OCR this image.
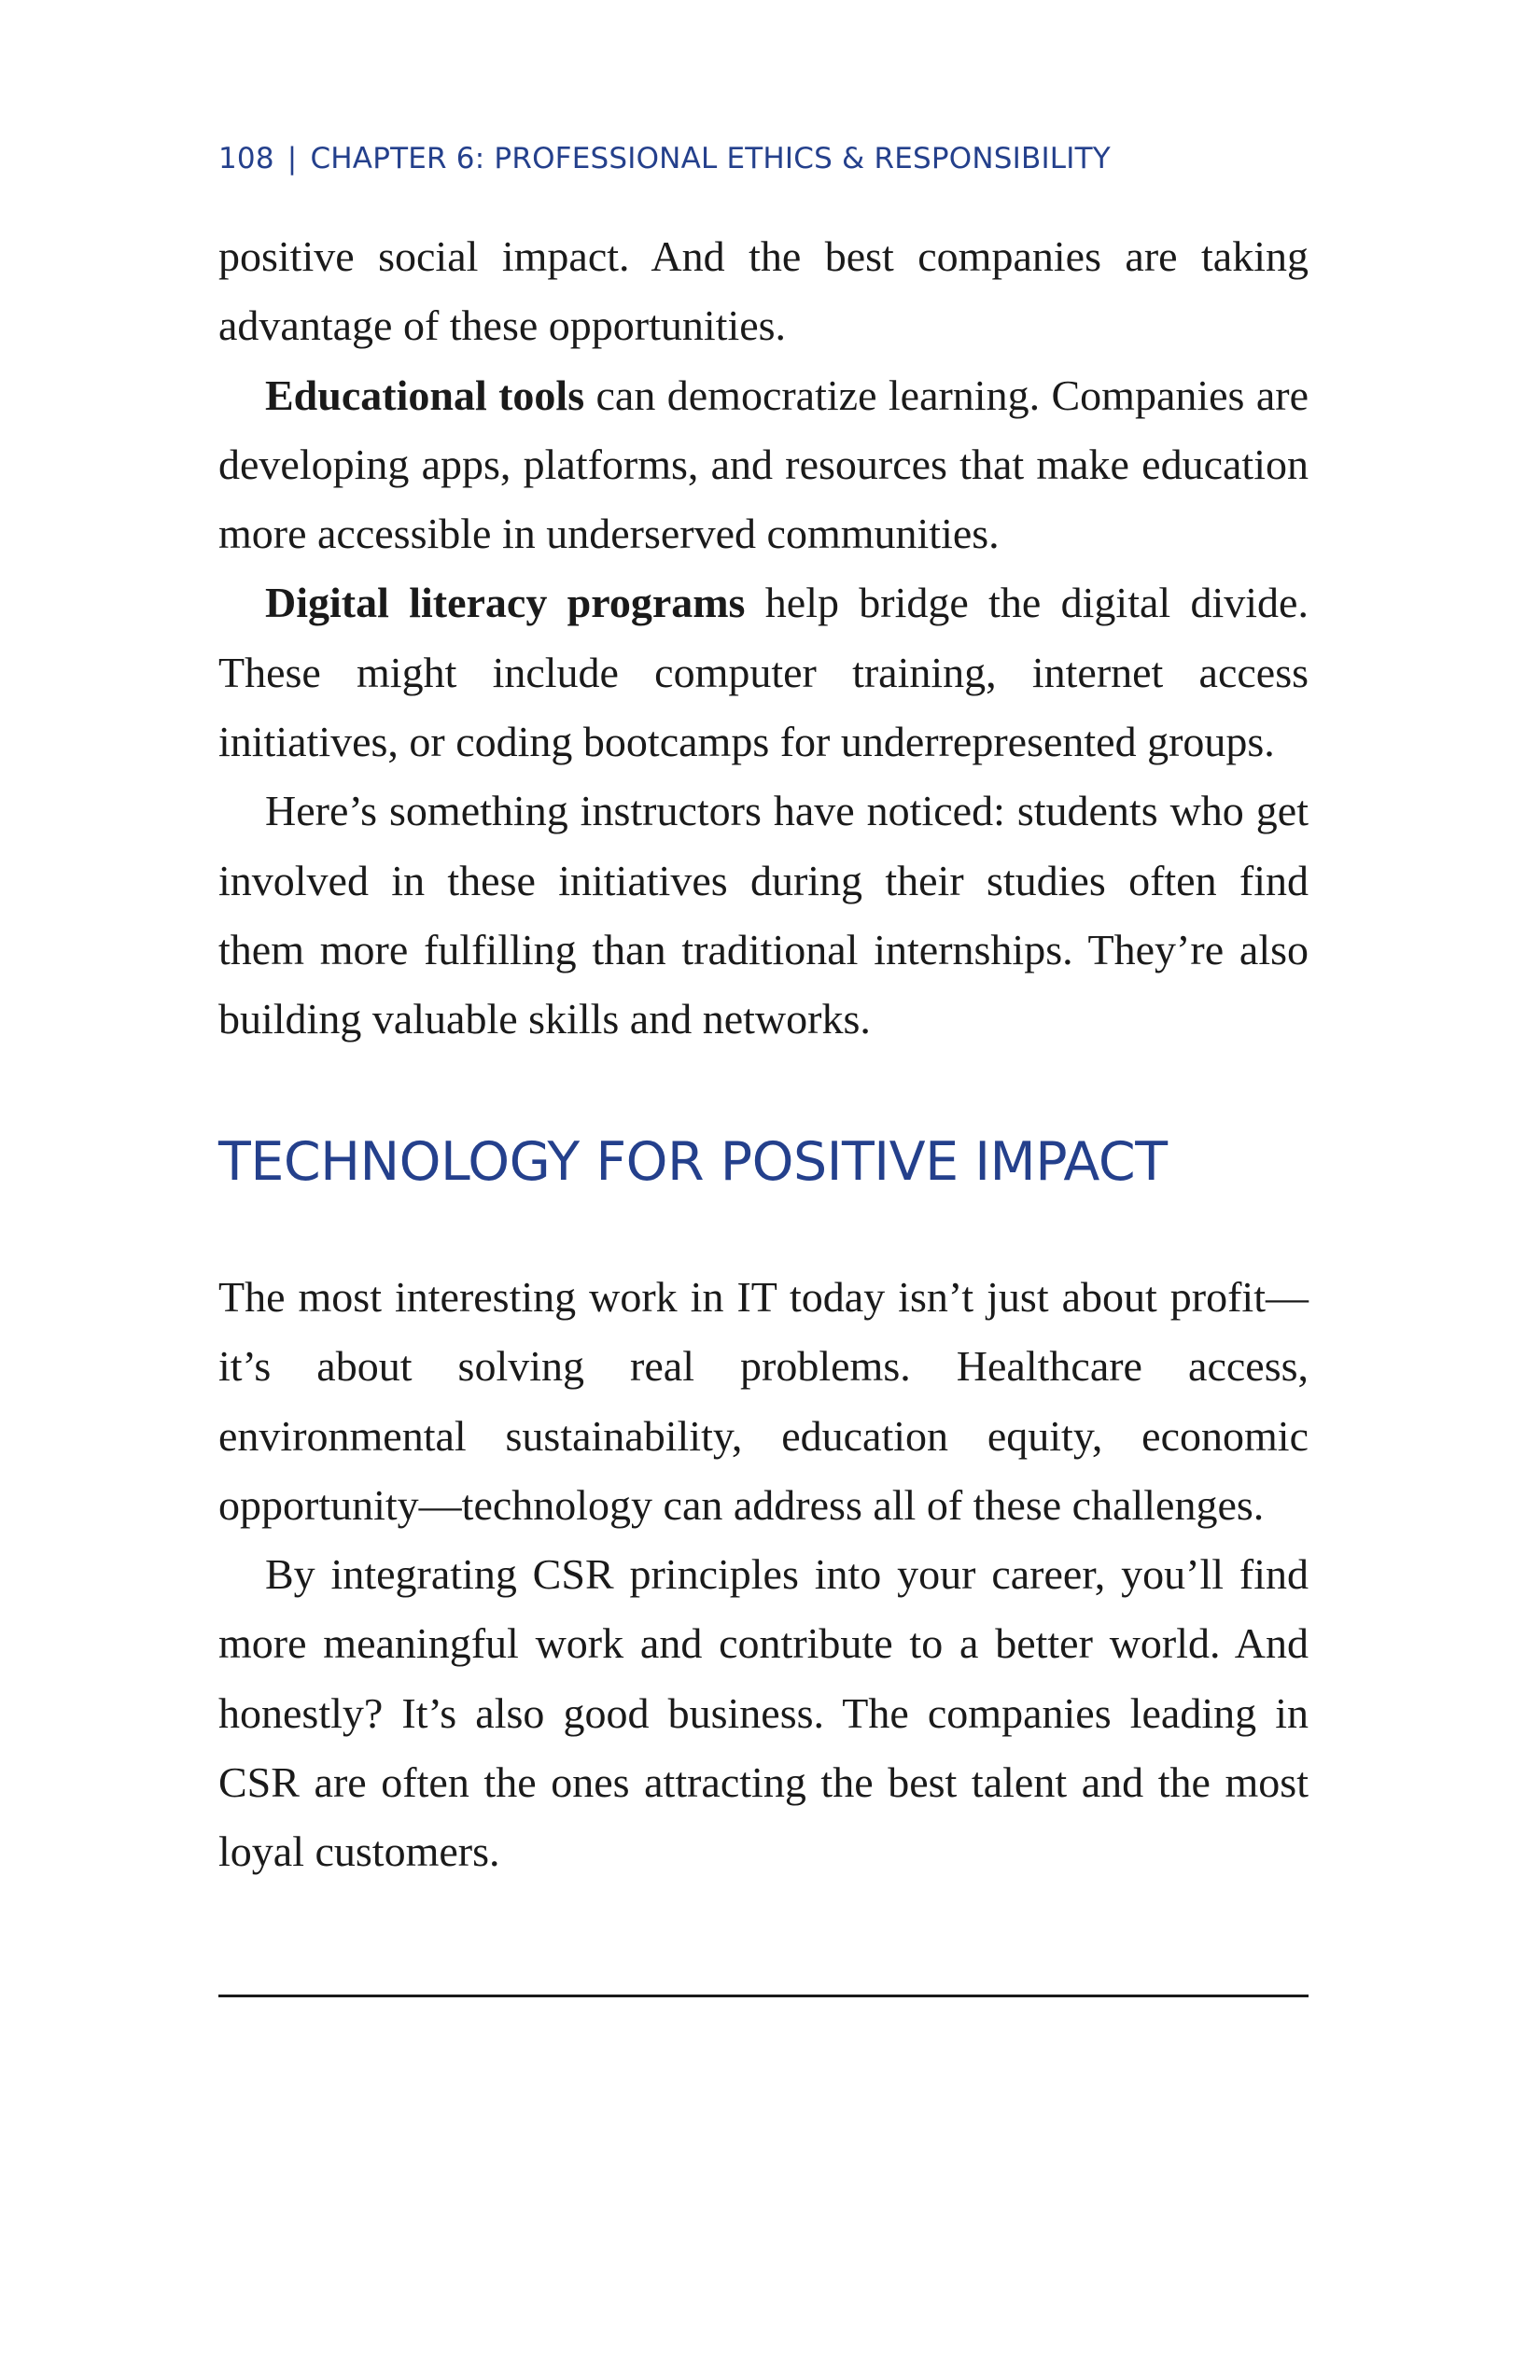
108 | CHAPTER 6: PROFESSIONAL ETHICS & RESPONSIBILITY

positive social impact. And the best companies are taking advantage of these opportunities.

Educational tools can democratize learning. Companies are developing apps, platforms, and resources that make education more accessible in underserved communities.

Digital literacy programs help bridge the digital divide. These might include computer training, internet access initiatives, or coding bootcamps for underrepresented groups.

Here’s something instructors have noticed: students who get involved in these initiatives during their studies often find them more fulfilling than traditional internships. They’re also building valuable skills and networks.

TECHNOLOGY FOR POSITIVE IMPACT

The most interesting work in IT today isn’t just about profit—it’s about solving real problems. Healthcare access, environmental sustainability, education equity, economic opportunity—technology can address all of these challenges.

By integrating CSR principles into your career, you’ll find more meaningful work and contribute to a better world. And honestly? It’s also good business. The companies leading in CSR are often the ones attracting the best talent and the most loyal customers.
